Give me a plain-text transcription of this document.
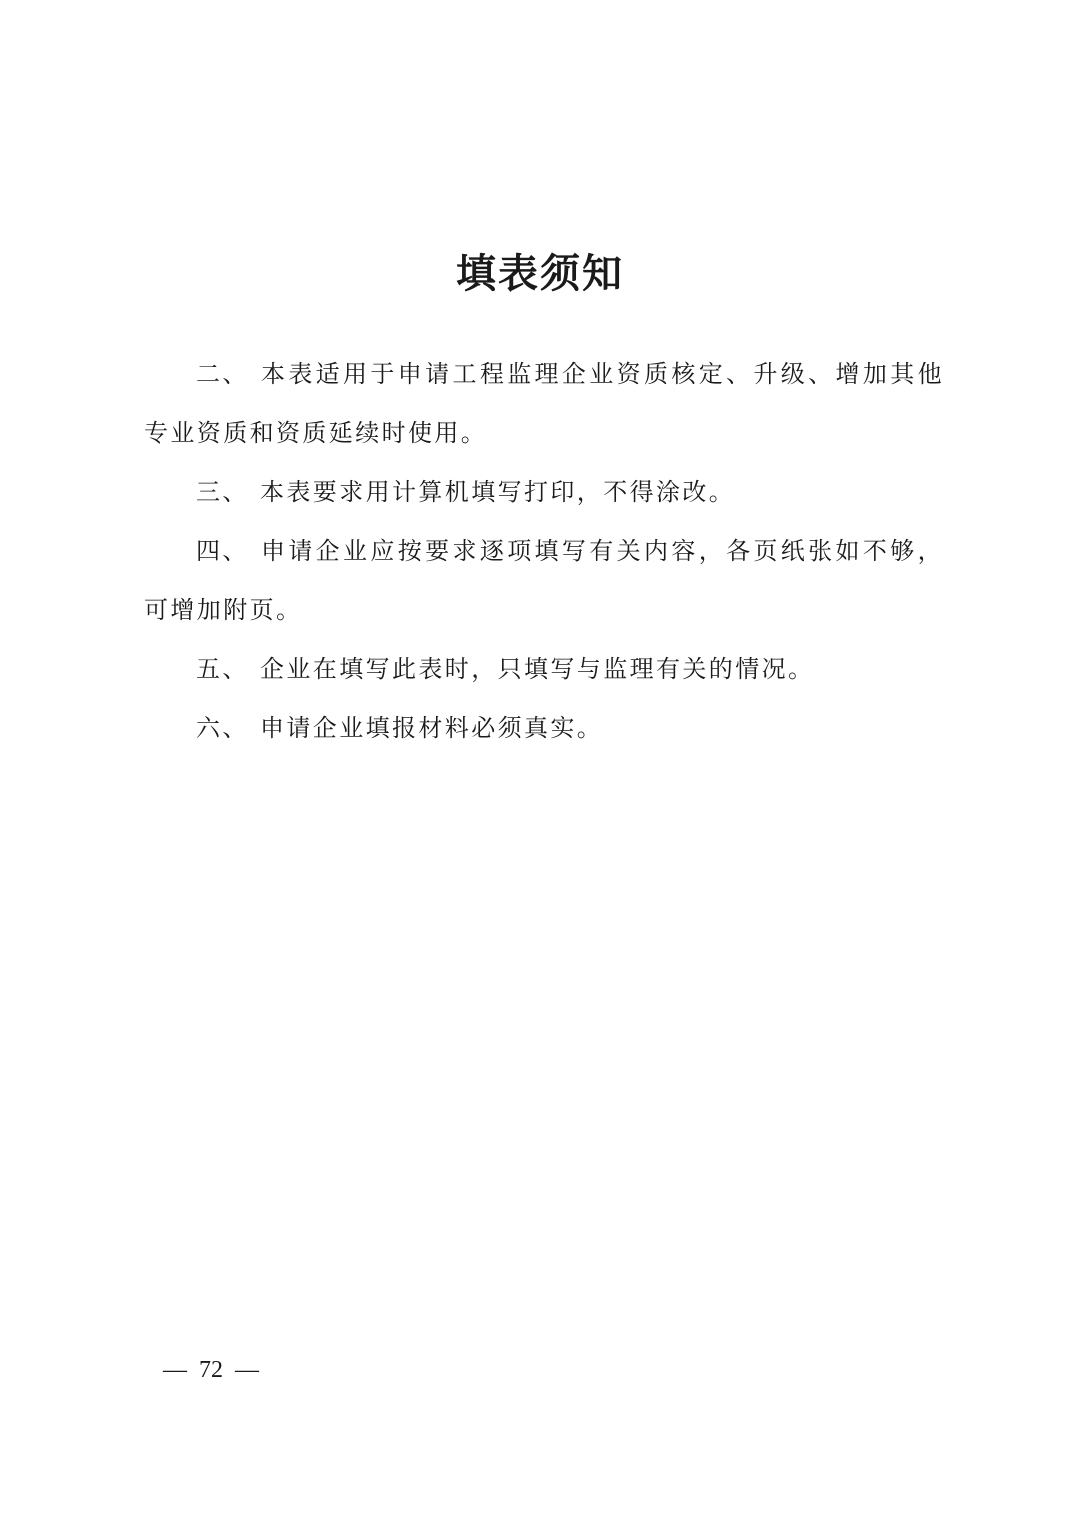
填表须知

二、 本表适用于申请工程监理企业资质核定、升级、增加其他专业资质和资质延续时使用。

三、 本表要求用计算机填写打印，不得涂改。

四、 申请企业应按要求逐项填写有关内容，各页纸张如不够，可增加附页。

五、 企业在填写此表时，只填写与监理有关的情况。

六、 申请企业填报材料必须真实。

—  72  —
